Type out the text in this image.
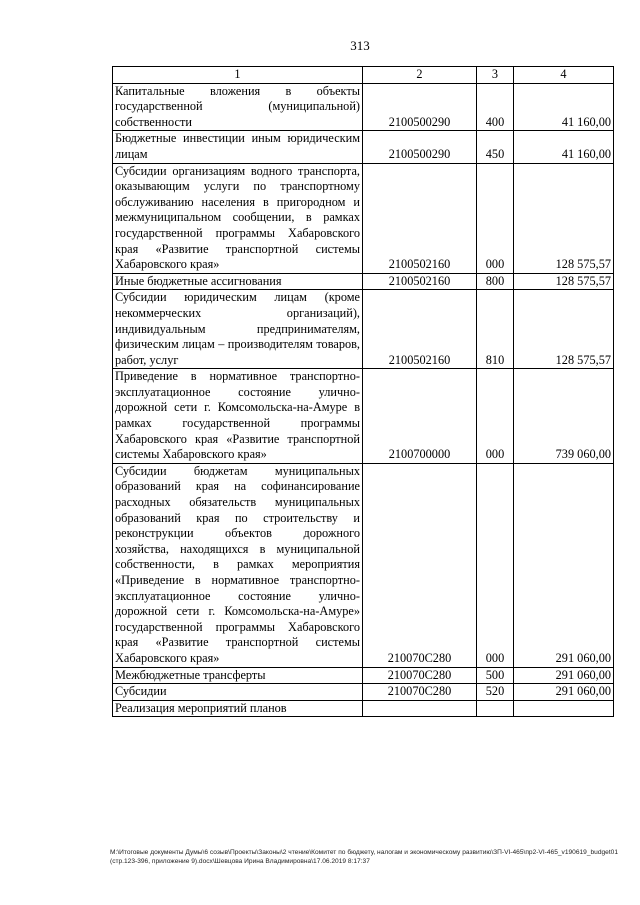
313
1	2	3	4
Капитальные вложения в объекты государственной (муниципальной) собственности	2100500290	400	41 160,00
Бюджетные инвестиции иным юридическим лицам	2100500290	450	41 160,00
Субсидии организациям водного транспорта, оказывающим услуги по транспортному обслуживанию населения в пригородном и межмуниципальном сообщении, в рамках государственной программы Хабаровского края «Развитие транспортной системы Хабаровского края»	2100502160	000	128 575,57
Иные бюджетные ассигнования	2100502160	800	128 575,57
Субсидии юридическим лицам (кроме некоммерческих организаций), индивидуальным предпринимателям, физическим лицам – производителям товаров, работ, услуг	2100502160	810	128 575,57
Приведение в нормативное транспортно-эксплуатационное состояние улично-дорожной сети г. Комсомольска-на-Амуре в рамках государственной программы Хабаровского края «Развитие транспортной системы Хабаровского края»	2100700000	000	739 060,00
Субсидии бюджетам муниципальных образований края на софинансирование расходных обязательств муниципальных образований края по строительству и реконструкции объектов дорожного хозяйства, находящихся в муниципальной собственности, в рамках мероприятия «Приведение в нормативное транспортно-эксплуатационное состояние улично-дорожной сети г. Комсомольска-на-Амуре» государственной программы Хабаровского края «Развитие транспортной системы Хабаровского края»	210070С280	000	291 060,00
Межбюджетные трансферты	210070С280	500	291 060,00
Субсидии	210070С280	520	291 060,00
Реализация мероприятий планов			
M:\Итоговые документы Думы\6 созыв\Проекты\Законы\2 чтение\Комитет по бюджету, налогам и экономическому развитию\ЗП-VI-465\пр2-VI-465_v190619_budget01 (стр.123-396, приложение 9).docx\Шевцова Ирина Владимировна\17.06.2019 8:17:37
